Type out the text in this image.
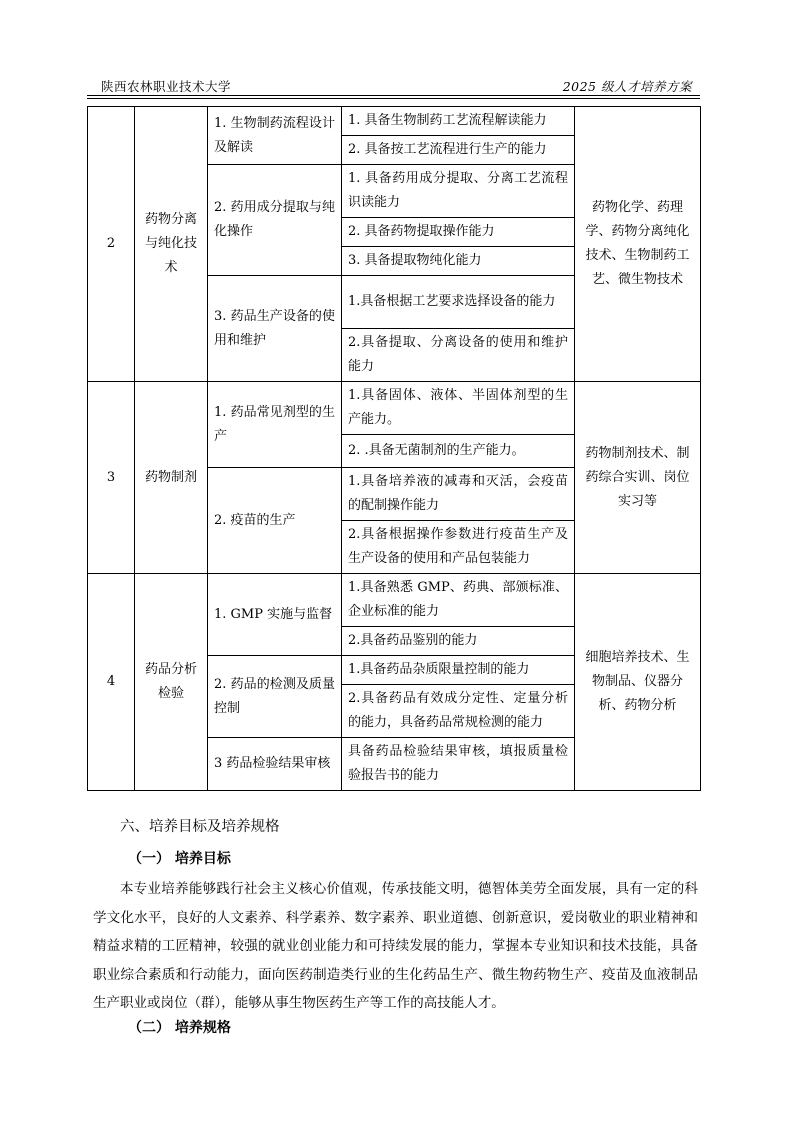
陕西农林职业技术大学	2025 级人才培养方案
2	药物分离与纯化技术	1. 生物制药流程设计及解读	1. 具备生物制药工艺流程解读能力	药物化学、药理学、药物分离纯化技术、生物制药工艺、微生物技术
			2. 具备按工艺流程进行生产的能力	
		2. 药用成分提取与纯化操作	1. 具备药用成分提取、分离工艺流程识读能力	
			2. 具备药物提取操作能力	
			3. 具备提取物纯化能力	
		3. 药品生产设备的使用和维护	1.具备根据工艺要求选择设备的能力	
			2.具备提取、分离设备的使用和维护能力	
3	药物制剂	1. 药品常见剂型的生产	1.具备固体、液体、半固体剂型的生产能力。	药物制剂技术、制药综合实训、岗位实习等
			2. .具备无菌制剂的生产能力。	
		2. 疫苗的生产	1.具备培养液的减毒和灭活，会疫苗的配制操作能力	
			2.具备根据操作参数进行疫苗生产及生产设备的使用和产品包装能力	
4	药品分析检验	1. GMP 实施与监督	1.具备熟悉 GMP、药典、部颁标准、企业标准的能力	细胞培养技术、生物制品、仪器分析、药物分析
			2.具备药品鉴别的能力	
		2. 药品的检测及质量控制	1.具备药品杂质限量控制的能力	
			2.具备药品有效成分定性、定量分析的能力，具备药品常规检测的能力	
		3 药品检验结果审核	具备药品检验结果审核，填报质量检验报告书的能力	
六、培养目标及培养规格
（一） 培养目标

本专业培养能够践行社会主义核心价值观，传承技能文明，德智体美劳全面发展，具有一定的科学文化水平，良好的人文素养、科学素养、数字素养、职业道德、创新意识，爱岗敬业的职业精神和精益求精的工匠精神，较强的就业创业能力和可持续发展的能力，掌握本专业知识和技术技能，具备职业综合素质和行动能力，面向医药制造类行业的生化药品生产、微生物药物生产、疫苗及血液制品生产职业或岗位（群），能够从事生物医药生产等工作的高技能人才。

（二） 培养规格
